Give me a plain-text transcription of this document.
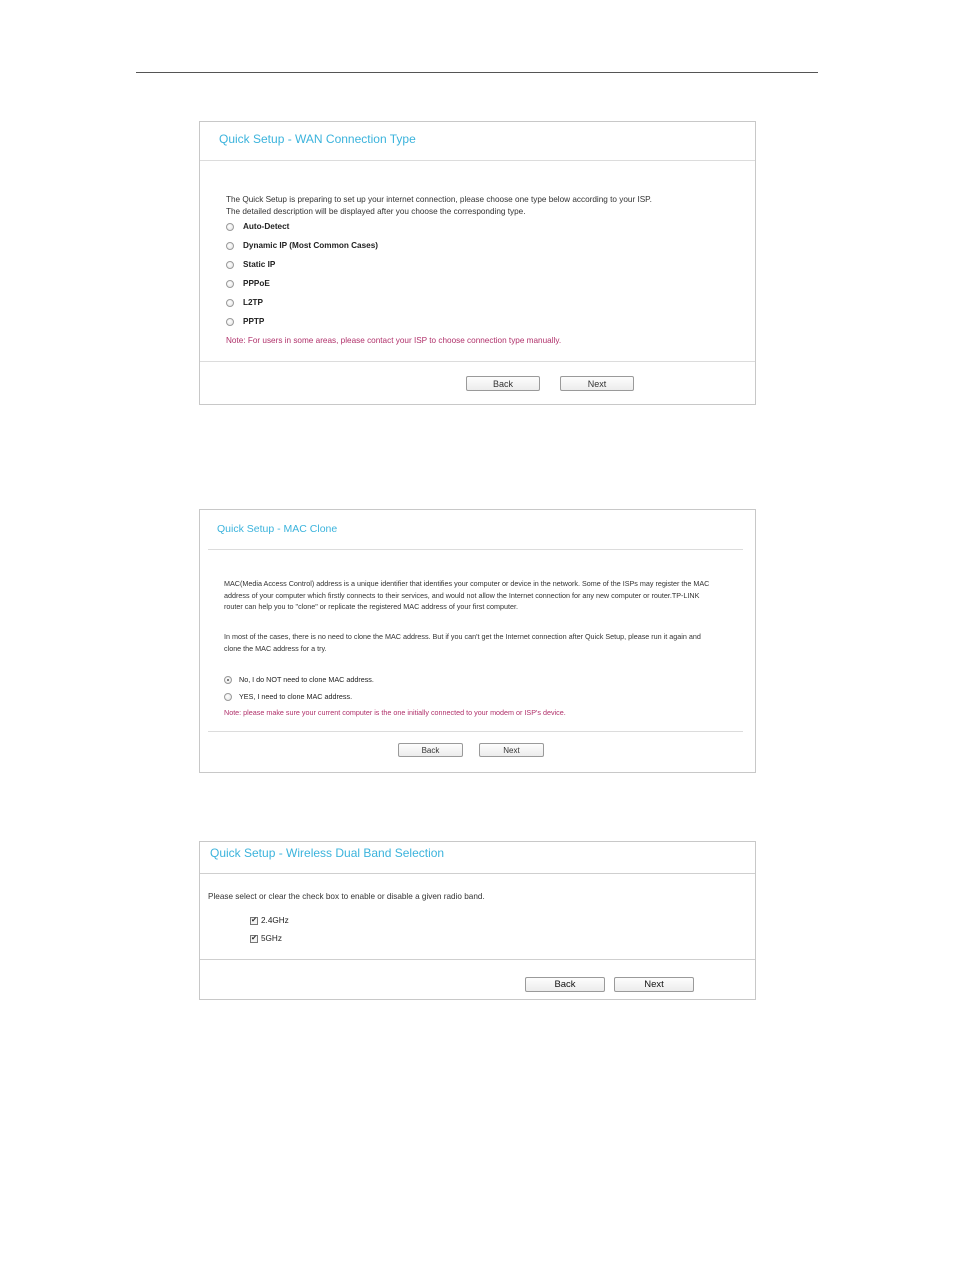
Quick Setup - WAN Connection Type
The Quick Setup is preparing to set up your internet connection, please choose one type below according to your ISP.
The detailed description will be displayed after you choose the corresponding type.
Auto-Detect
Dynamic IP (Most Common Cases)
Static IP
PPPoE
L2TP
PPTP
Note: For users in some areas, please contact your ISP to choose connection type manually.
Back	Next
Quick Setup - MAC Clone
MAC(Media Access Control) address is a unique identifier that identifies your computer or device in the network. Some of the ISPs may register the MAC
address of your computer which firstly connects to their services, and would not allow the Internet connection for any new computer or router.TP-LINK
router can help you to "clone" or replicate the registered MAC address of your first computer.
In most of the cases, there is no need to clone the MAC address. But if you can't get the Internet connection after Quick Setup, please run it again and
clone the MAC address for a try.
No, I do NOT need to clone MAC address.
YES, I need to clone MAC address.
Note: please make sure your current computer is the one initially connected to your modem or ISP's device.
Back	Next
Quick Setup - Wireless Dual Band Selection
Please select or clear the check box to enable or disable a given radio band.
✔ 2.4GHz
✔ 5GHz
Back	Next
